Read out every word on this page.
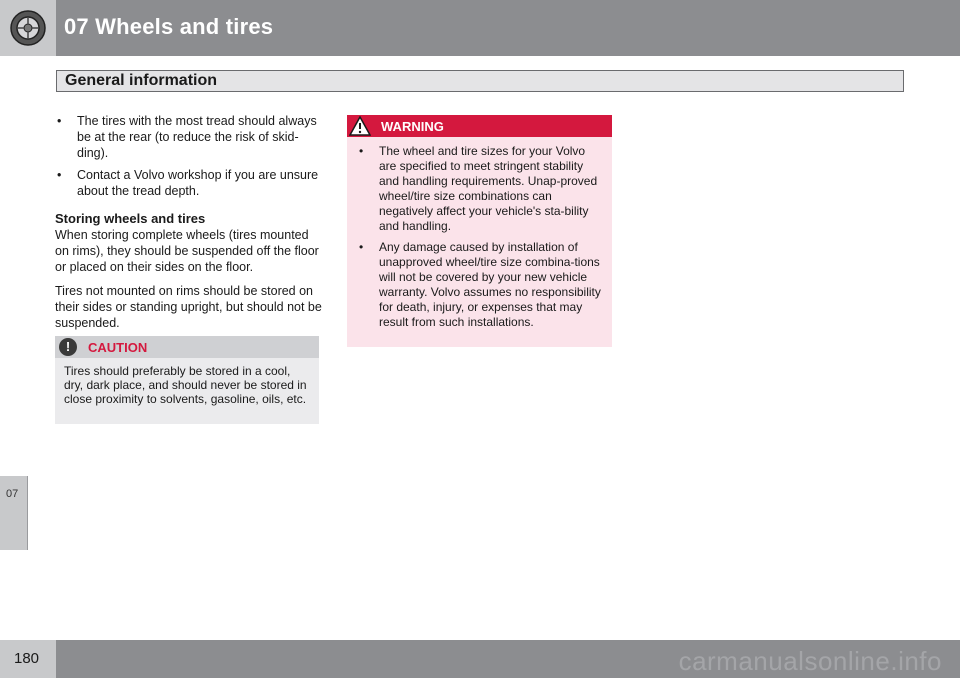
07 Wheels and tires
General information
07
• The tires with the most tread should always be at the rear (to reduce the risk of skid-ding).
• Contact a Volvo workshop if you are unsure about the tread depth.
Storing wheels and tires

When storing complete wheels (tires mounted on rims), they should be suspended off the floor or placed on their sides on the floor.

Tires not mounted on rims should be stored on their sides or standing upright, but should not be suspended.

!	CAUTION
Tires should preferably be stored in a cool, dry, dark place, and should never be stored in close proximity to solvents, gasoline, oils, etc.
WARNING
• The wheel and tire sizes for your Volvo are specified to meet stringent stability and handling requirements. Unap-proved wheel/tire size combinations can negatively affect your vehicle's sta-bility and handling.
• Any damage caused by installation of unapproved wheel/tire size combina-tions will not be covered by your new vehicle warranty. Volvo assumes no responsibility for death, injury, or expenses that may result from such installations.
180	carmanualsonline.info
